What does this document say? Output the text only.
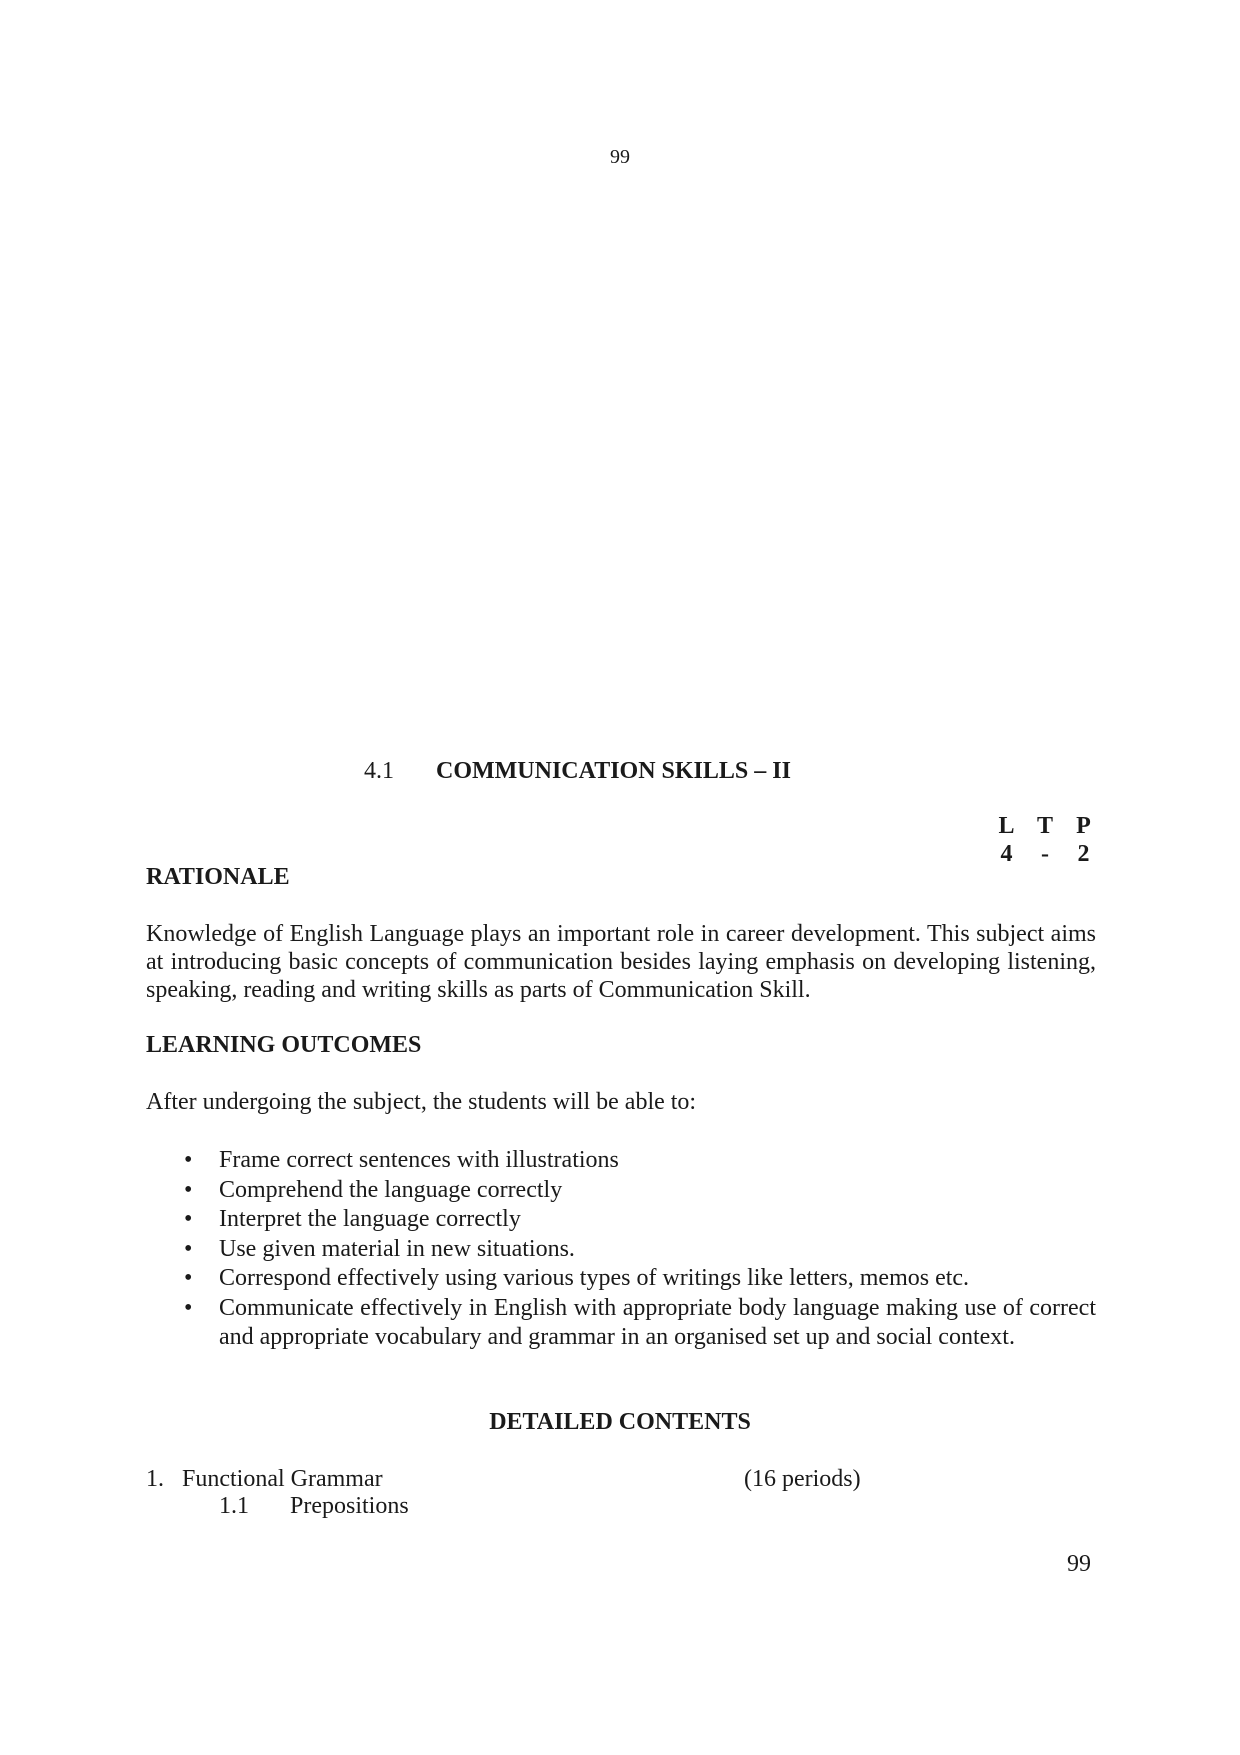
99
4.1 COMMUNICATION SKILLS – II
L T P
4	-	2
RATIONALE
Knowledge of English Language plays an important role in career development. This subject aims at introducing basic concepts of communication besides laying emphasis on developing listening, speaking, reading and writing skills as parts of Communication Skill.
LEARNING OUTCOMES
After undergoing the subject, the students will be able to:
• Frame correct sentences with illustrations
• Comprehend the language correctly
• Interpret the language correctly
• Use given material in new situations.
• Correspond effectively using various types of writings like letters, memos etc.
• Communicate effectively in English with appropriate body language making use of correct and appropriate vocabulary and grammar in an organised set up and social context.
DETAILED CONTENTS
1. Functional Grammar	(16 periods)
1.1 Prepositions
99
